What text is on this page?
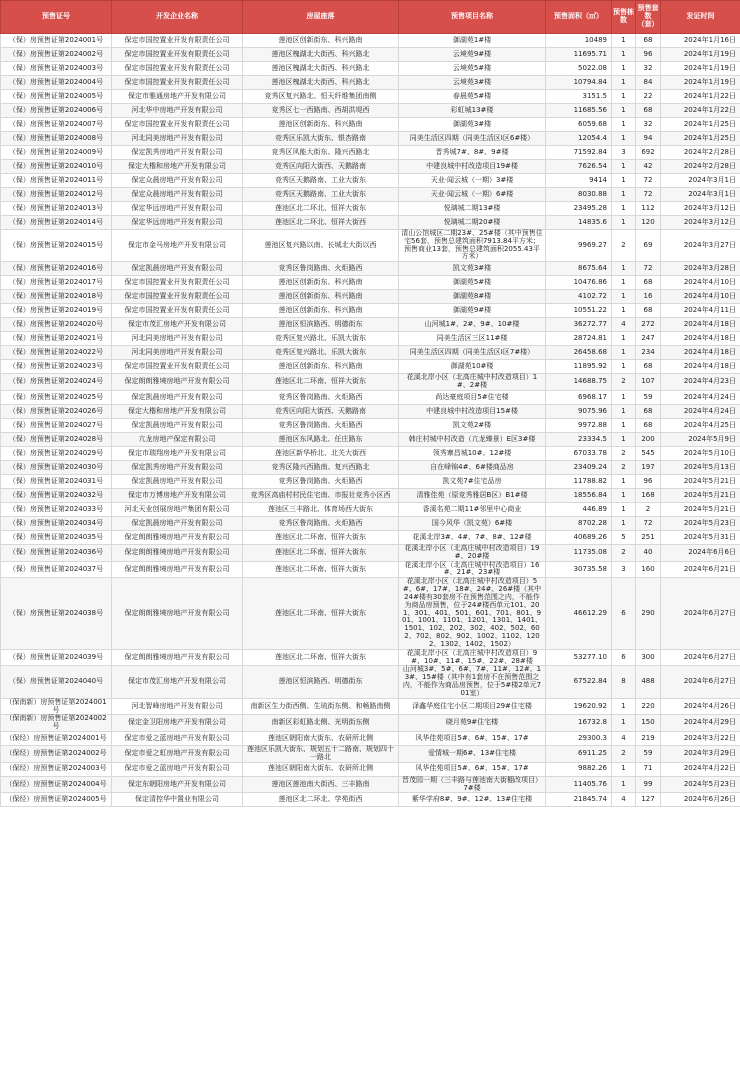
预售证号	开发企业名称	房屋座落	预售项目名称	预售面积（㎡）	预售栋数	预售套数（套）	发证时间
（保）房预售证第2024001号	保定市国控置业开发有限责任公司	莲池区创新街东、科兴路南	御湖苑1#楼	10489	1	68	2024年1月16日
（保）房预售证第2024002号	保定市国控置业开发有限责任公司	莲池区槐湖北大街西、科兴路北	云境苑9#楼	11695.71	1	96	2024年1月19日
（保）房预售证第2024003号	保定市国控置业开发有限责任公司	莲池区槐湖北大街西、科兴路北	云境苑5#楼	5022.08	1	32	2024年1月19日
（保）房预售证第2024004号	保定市国控置业开发有限责任公司	莲池区槐湖北大街西、科兴路北	云境苑3#楼	10794.84	1	84	2024年1月19日
（保）房预售证第2024005号	保定市雅通房地产开发有限公司	竞秀区复兴路北、恒天纤维集团南侧	春晨苑5#楼	3151.5	1	22	2024年1月22日
（保）房预售证第2024006号	河北华中房地产开发有限公司	竞秀区七一西路南、西胡洪堤西	彩虹城13#楼	11685.56	1	68	2024年1月22日
（保）房预售证第2024007号	保定市国控置业开发有限责任公司	莲池区创新街东、科兴路南	御湖苑3#楼	6059.68	1	32	2024年1月25日
（保）房预售证第2024008号	河北同美房地产开发有限公司	竞秀区乐凯大街东、银杏路南	同美生活区四期（同美生活区Ⅰ区6#楼）	12054.4	1	94	2024年1月25日
（保）房预售证第2024009号	保定凯秀房地产开发有限公司	竞秀区风能大街东、隆兴西路北	晋秀城7#、8#、9#楼	71592.84	3	692	2024年2月28日
（保）房预售证第2024010号	保定大楷和房地产开发有限公司	竞秀区向阳大街西、天鹅路南	中建良城中村改造项目19#楼	7626.54	1	42	2024年2月28日
（保）房预售证第2024011号	保定众晨房地产开发有限公司	竞秀区天鹅路南、工业大街东	天业·闻云城（一期）3#楼	9414	1	72	2024年3月1日
（保）房预售证第2024012号	保定众晨房地产开发有限公司	竞秀区天鹅路南、工业大街东	天业·闻云城（一期）6#楼	8030.88	1	72	2024年3月1日
（保）房预售证第2024013号	保定华远房地产开发有限公司	莲池区北二环北、恒祥大街东	悦璃城二期13#楼	23495.28	1	112	2024年3月12日
（保）房预售证第2024014号	保定华远房地产开发有限公司	莲池区北二环北、恒祥大街西	悦璃城二期20#楼	14835.6	1	120	2024年3月12日
（保）房预售证第2024015号	保定市金马房地产开发有限公司	莲池区复兴路以南、长城北大街以西	清山公馆城区二期23#、25#楼（其中预售住宅56套，预售总建筑面积7913.84平方米；预售商业13套，预售总建筑面积2055.43平方米）	9969.27	2	69	2024年3月27日
（保）房预售证第2024016号	保定凯晨房地产开发有限公司	竞秀区鲁岗路南、火炬路西	凯文苑3#楼	8675.64	1	72	2024年3月28日
（保）房预售证第2024017号	保定市国控置业开发有限责任公司	莲池区创新街东、科兴路南	御湖苑5#楼	10476.86	1	68	2024年4月10日
（保）房预售证第2024018号	保定市国控置业开发有限责任公司	莲池区创新街东、科兴路南	御湖苑8#楼	4102.72	1	16	2024年4月10日
（保）房预售证第2024019号	保定市国控置业开发有限责任公司	莲池区创新街东、科兴路南	御湖苑9#楼	10551.22	1	68	2024年4月11日
（保）房预售证第2024020号	保定市茂汇房地产开发有限公司	莲池区恒滨路西、明德街东	山河城1#、2#、9#、10#楼	36272.77	4	272	2024年4月18日
（保）房预售证第2024021号	河北同美房地产开发有限公司	竞秀区复兴路北、乐凯大街东	同美生活区三区11#楼	28724.81	1	247	2024年4月18日
（保）房预售证第2024022号	河北同美房地产开发有限公司	竞秀区复兴路北、乐凯大街东	同美生活区四期（同美生活区Ⅰ区7#楼）	26458.68	1	234	2024年4月18日
（保）房预售证第2024023号	保定市国控置业开发有限责任公司	莲池区创新街东、科兴路南	御湖苑10#楼	11895.92	1	68	2024年4月18日
（保）房预售证第2024024号	保定朗朗雅境房地产开发有限公司	莲池区北二环南、恒祥大街东	花溪北岸小区（北高庄城中村改造项目）1#、2#楼	14688.75	2	107	2024年4月23日
（保）房预售证第2024025号	保定凯晨房地产开发有限公司	竞秀区鲁岗路南、火炬路西	尚达豪庭项目5#住宅楼	6968.17	1	59	2024年4月24日
（保）房预售证第2024026号	保定大楷和房地产开发有限公司	竞秀区向阳大街西、天鹅路南	中建良城中村改造项目15#楼	9075.96	1	68	2024年4月24日
（保）房预售证第2024027号	保定凯晨房地产开发有限公司	竞秀区鲁岗路南、火炬路西	凯文苑2#楼	9972.88	1	68	2024年4月25日
（保）房预售证第2024028号	亢龙房地产保定有限公司	莲池区东风路北、任庄路东	韩庄村城中村改造（亢龙臻景）E区3#楼	23334.5	1	200	2024年5月9日
（保）房预售证第2024029号	保定市瑞翔房地产开发有限公司	莲池区新华桥北、北关大街西	领秀寨昌城10#、12#楼	67033.78	2	545	2024年5月10日
（保）房预售证第2024030号	保定凯秀房地产开发有限公司	竞秀区隆兴西路南、复兴西路北	自在峰锦4#、6#楼商品房	23409.24	2	197	2024年5月13日
（保）房预售证第2024031号	保定凯晨房地产开发有限公司	竞秀区鲁岗路南、火炬路西	凯文苑7#住宅品房	11788.82	1	96	2024年5月21日
（保）房预售证第2024032号	保定市万博房地产开发有限公司	竞秀区高庙村村民住宅南、市报社竞秀小区西	清雅佳苑（原竞秀雅居B区）B1#楼	18556.84	1	168	2024年5月21日
（保）房预售证第2024033号	河北天业创展房地产集团有限公司	莲池区三丰路北、体育场西大街东	香溪名苑二期11#邻里中心商业	446.89	1	2	2024年5月21日
（保）房预售证第2024034号	保定凯晨房地产开发有限公司	竞秀区鲁岗路南、火炬路西	国今风华（凯文苑）6#楼	8702.28	1	72	2024年5月23日
（保）房预售证第2024035号	保定朗朗雅境房地产开发有限公司	莲池区北二环南、恒祥大街东	花溪北岸3#、4#、7#、8#、12#楼	40689.26	5	251	2024年5月31日
（保）房预售证第2024036号	保定朗朗雅境房地产开发有限公司	莲池区北二环南、恒祥大街东	花溪北岸小区（北高庄城中村改造项目）19#、20#楼	11735.08	2	40	2024年6月6日
（保）房预售证第2024037号	保定朗朗雅境房地产开发有限公司	莲池区北二环南、恒祥大街东	花溪北岸小区（北高庄城中村改造项目）16#、21#、23#楼	30735.58	3	160	2024年6月21日
（保）房预售证第2024038号	保定朗朗雅境房地产开发有限公司	莲池区北二环南、恒祥大街东	花溪北岸小区（北高庄城中村改造项目）5#、6#、17#、18#、24#、26#楼（其中24#楼有30套房不在预售范围之内，不能作为商品房预售，位于24#楼西单元101、201、301、401、501、601、701、801、901、1001、1101、1201、1301、1401、1501、102、202、302、402、502、602、702、802、902、1002、1102、1202、1302、1402、1502）	46612.29	6	290	2024年6月27日
（保）房预售证第2024039号	保定朗朗雅境房地产开发有限公司	莲池区北二环南、恒祥大街东	花溪北岸小区（北高庄城中村改造项目）9#、10#、11#、15#、22#、28#楼	53277.10	6	300	2024年6月27日
（保）房预售证第2024040号	保定市茂汇房地产开发有限公司	莲池区恒滨路西、明德街东	山河城3#、5#、6#、7#、11#、12#、13#、15#楼（其中有1套房不在预售范围之内，不能作为商品房预售，位于5#楼2单元701室）	67522.84	8	488	2024年6月27日
（保南新）房预售证第2024001号	河北智峰房地产开发有限公司	南新区生力街西侧、生琉街东侧、和畅路南侧	泽鑫华庭住宅小区二期项目29#住宅楼	19620.92	1	220	2024年4月26日
（保南新）房预售证第2024002号	保定金卫阳房地产开发有限公司	南新区彩虹路北侧、光明街东侧	晓月苑9#住宅楼	16732.8	1	150	2024年4月29日
（保经）房预售证第2024001号	保定市爱之蓝房地产开发有限公司	莲池区朝阳南大街东、农研所北侧	风华佳苑项目5#、6#、15#、17#	29300.3	4	219	2024年3月22日
（保经）房预售证第2024002号	保定市爱之虹房地产开发有限公司	莲池区乐凯大街东、规划五十二路南、规划四十一路北	爱情城一期6#、13#住宅楼	6911.25	2	59	2024年3月29日
（保经）房预售证第2024003号	保定市爱之蓝房地产开发有限公司	莲池区朝阳南大街东、农研所北侧	风华佳苑项目5#、6#、15#、17#	9882.26	1	71	2024年4月22日
（保经）房预售证第2024004号	保定东朝阳房地产开发有限公司	莲池区莲池南大街西、三丰路南	晋茂园一期（三丰路与莲池南大街棚改项目）7#楼	11405.76	1	99	2024年5月23日
（保经）房预售证第2024005号	保定清控华中置业有限公司	莲池区北二环北、学苑街西	紫华学府8#、9#、12#、13#住宅楼	21845.74	4	127	2024年6月26日
